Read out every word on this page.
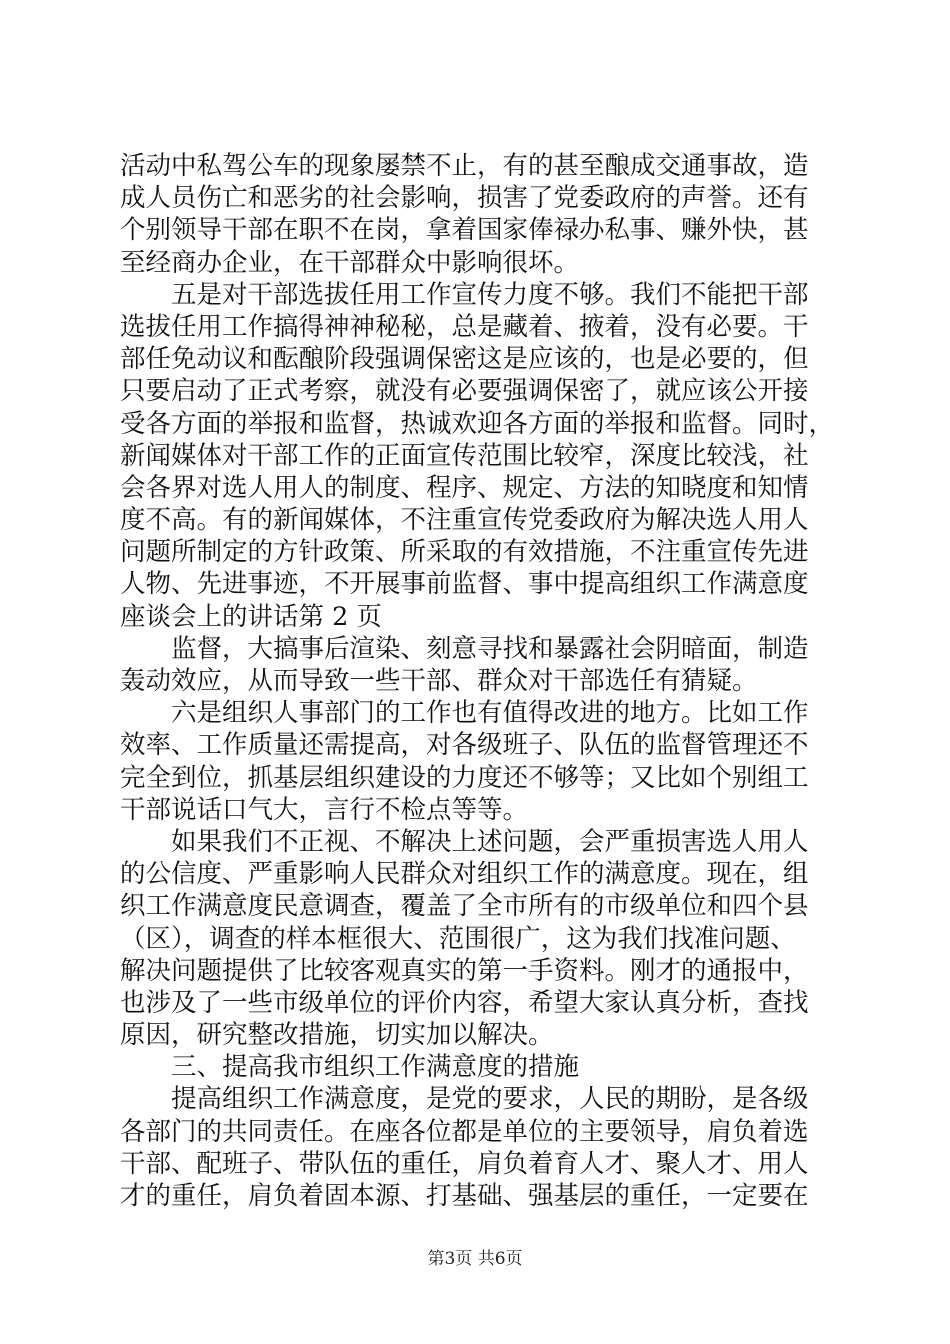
活动中私驾公车的现象屡禁不止，有的甚至酿成交通事故，造
成人员伤亡和恶劣的社会影响，损害了党委政府的声誉。还有
个别领导干部在职不在岗，拿着国家俸禄办私事、赚外快，甚
至经商办企业，在干部群众中影响很坏。
　　五是对干部选拔任用工作宣传力度不够。我们不能把干部
选拔任用工作搞得神神秘秘，总是藏着、掖着，没有必要。干
部任免动议和酝酿阶段强调保密这是应该的，也是必要的，但
只要启动了正式考察，就没有必要强调保密了，就应该公开接
受各方面的举报和监督，热诚欢迎各方面的举报和监督。同时，
新闻媒体对干部工作的正面宣传范围比较窄，深度比较浅，社
会各界对选人用人的制度、程序、规定、方法的知晓度和知情
度不高。有的新闻媒体，不注重宣传党委政府为解决选人用人
问题所制定的方针政策、所采取的有效措施，不注重宣传先进
人物、先进事迹，不开展事前监督、事中提高组织工作满意度
座谈会上的讲话第 2 页
　　监督，大搞事后渲染、刻意寻找和暴露社会阴暗面，制造
轰动效应，从而导致一些干部、群众对干部选任有猜疑。
　　六是组织人事部门的工作也有值得改进的地方。比如工作
效率、工作质量还需提高，对各级班子、队伍的监督管理还不
完全到位，抓基层组织建设的力度还不够等；又比如个别组工
干部说话口气大，言行不检点等等。
　　如果我们不正视、不解决上述问题，会严重损害选人用人
的公信度、严重影响人民群众对组织工作的满意度。现在，组
织工作满意度民意调查，覆盖了全市所有的市级单位和四个县
（区），调查的样本框很大、范围很广，这为我们找准问题、
解决问题提供了比较客观真实的第一手资料。刚才的通报中，
也涉及了一些市级单位的评价内容，希望大家认真分析，查找
原因，研究整改措施，切实加以解决。
　　三、提高我市组织工作满意度的措施
　　提高组织工作满意度，是党的要求，人民的期盼，是各级
各部门的共同责任。在座各位都是单位的主要领导，肩负着选
干部、配班子、带队伍的重任，肩负着育人才、聚人才、用人
才的重任，肩负着固本源、打基础、强基层的重任，一定要在
第3页 共6页
